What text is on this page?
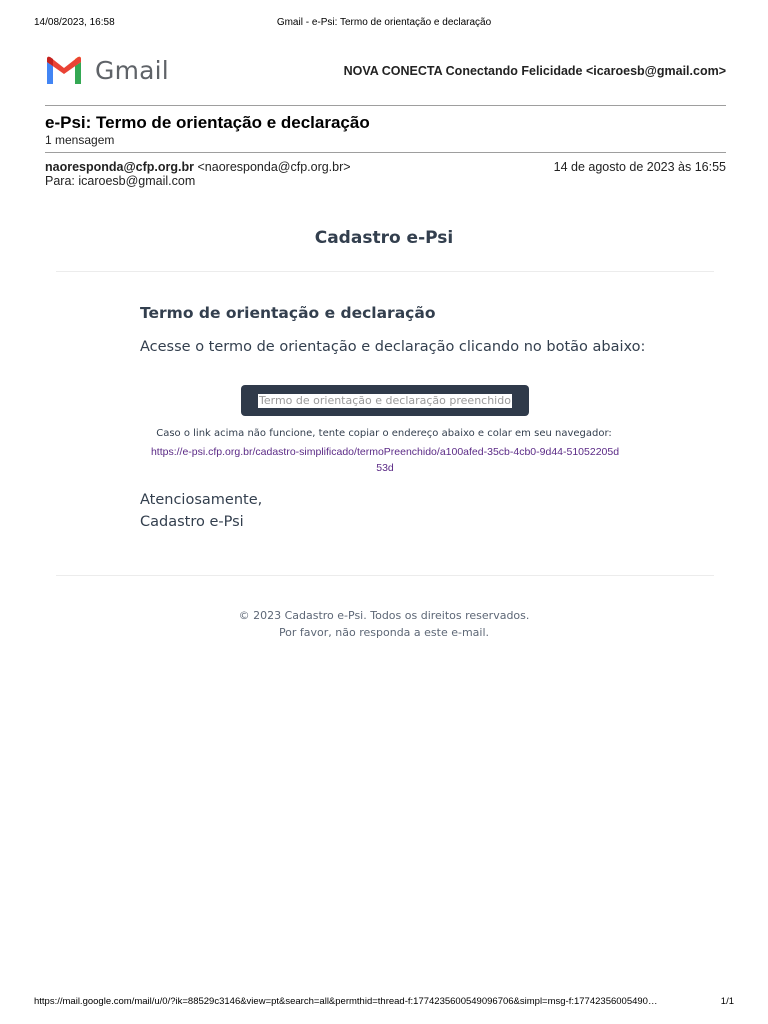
14/08/2023, 16:58	Gmail - e-Psi: Termo de orientação e declaração
Gmail	NOVA CONECTA Conectando Felicidade <icaroesb@gmail.com>
e-Psi: Termo de orientação e declaração
1 mensagem
naoresponda@cfp.org.br <naoresponda@cfp.org.br>
Para: icaroesb@gmail.com
14 de agosto de 2023 às 16:55
Cadastro e-Psi
Termo de orientação e declaração
Acesse o termo de orientação e declaração clicando no botão abaixo:
Termo de orientação e declaração preenchido
Caso o link acima não funcione, tente copiar o endereço abaixo e colar em seu navegador:
https://e-psi.cfp.org.br/cadastro-simplificado/termoPreenchido/a100afed-35cb-4cb0-9d44-51052205d53d
Atenciosamente,
Cadastro e-Psi
© 2023 Cadastro e-Psi. Todos os direitos reservados.
Por favor, não responda a este e-mail.
https://mail.google.com/mail/u/0/?ik=88529c3146&view=pt&search=all&permthid=thread-f:1774235600549096706&simpl=msg-f:17742356005490…	1/1
